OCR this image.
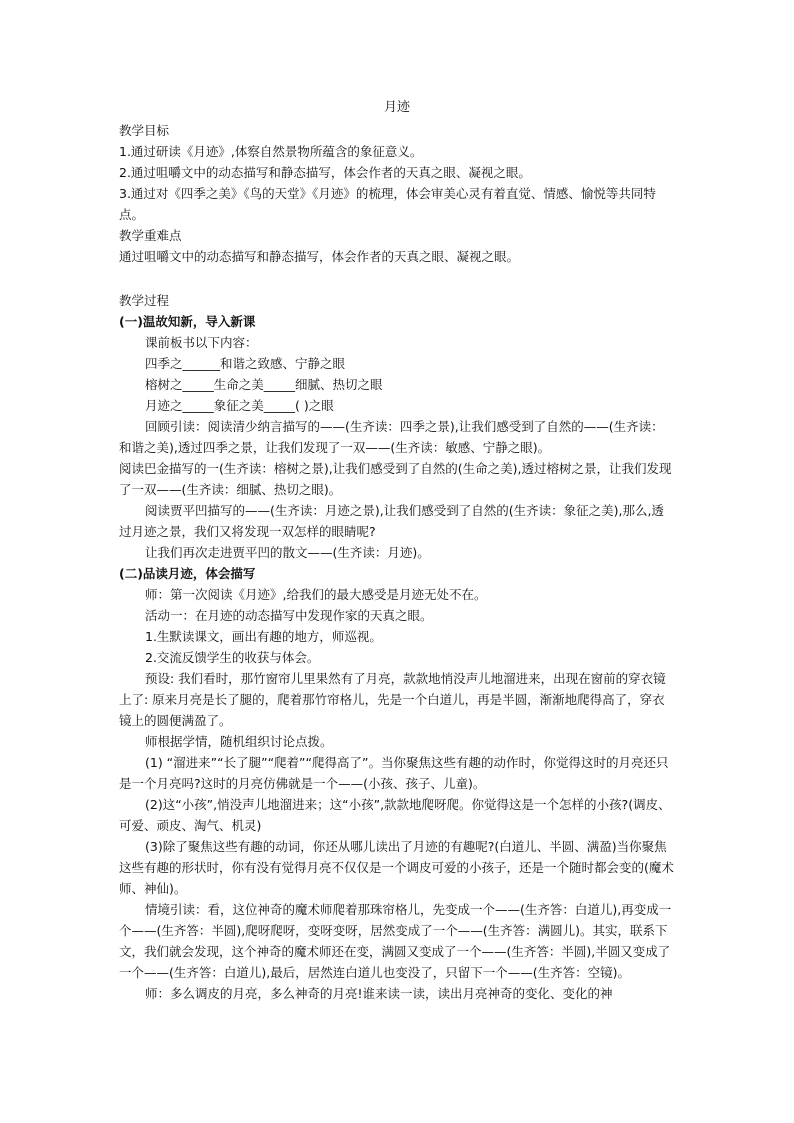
月迹

教学目标

1.通过研读《月迹》,体察自然景物所蕴含的象征意义。

2.通过咀嚼文中的动态描写和静态描写，体会作者的天真之眼、凝视之眼。

3.通过对《四季之美》《鸟的天堂》《月迹》的梳理，体会审美心灵有着直觉、情感、愉悦等共同特点。

教学重难点

通过咀嚼文中的动态描写和静态描写，体会作者的天真之眼、凝视之眼。

教学过程

(一)温故知新，导入新课

课前板书以下内容：

四季之______和谐之致感、宁静之眼

榕树之_____生命之美_____细腻、热切之眼

月迹之_____象征之美_____( )之眼

回顾引读：阅读清少纳言描写的——(生齐读：四季之景),让我们感受到了自然的——(生齐读：和谐之美),透过四季之景，让我们发现了一双——(生齐读：敏感、宁静之眼)。

阅读巴金描写的一(生齐读：榕树之景),让我们感受到了自然的(生命之美),透过榕树之景，让我们发现了一双——(生齐读：细腻、热切之眼)。

阅读贾平凹描写的——(生齐读：月迹之景),让我们感受到了自然的(生齐读：象征之美),那么,透过月迹之景，我们又将发现一双怎样的眼睛呢?

让我们再次走进贾平凹的散文——(生齐读：月迹)。

(二)品读月迹，体会描写

师：第一次阅读《月迹》,给我们的最大感受是月迹无处不在。

活动一：在月迹的动态描写中发现作家的天真之眼。

1.生默读课文，画出有趣的地方，师巡视。

2.交流反馈学生的收获与体会。

预设: 我们看时，那竹窗帘儿里果然有了月亮，款款地悄没声儿地溜进来，出现在窗前的穿衣镜上了: 原来月亮是长了腿的，爬着那竹帘格儿，先是一个白道儿，再是半圆，渐渐地爬得高了，穿衣镜上的圆便满盈了。

师根据学情，随机组织讨论点拨。

(1) “溜进来”“长了腿”“爬着”“爬得高了”。当你聚焦这些有趣的动作时，你觉得这时的月亮还只是一个月亮吗?这时的月亮仿佛就是一个——(小孩、孩子、儿童)。

(2)这“小孩”,悄没声儿地溜进来；这“小孩”,款款地爬呀爬。你觉得这是一个怎样的小孩?(调皮、可爱、顽皮、淘气、机灵)

(3)除了聚焦这些有趣的动词，你还从哪儿读出了月迹的有趣呢?(白道儿、半圆、满盈)当你聚焦这些有趣的形状时，你有没有觉得月亮不仅仅是一个调皮可爱的小孩子，还是一个随时都会变的(魔术师、神仙)。

情境引读：看，这位神奇的魔术师爬着那珠帘格儿，先变成一个——(生齐答：白道儿),再变成一个——(生齐答：半圆),爬呀爬呀，变呀变呀，居然变成了一个——(生齐答：满圆儿)。其实，联系下文，我们就会发现，这个神奇的魔术师还在变，满圆又变成了一个——(生齐答：半圆),半圆又变成了一个——(生齐答：白道儿),最后，居然连白道儿也变没了，只留下一个——(生齐答：空镜)。

师：多么调皮的月亮，多么神奇的月亮!谁来读一读，读出月亮神奇的变化、变化的神
